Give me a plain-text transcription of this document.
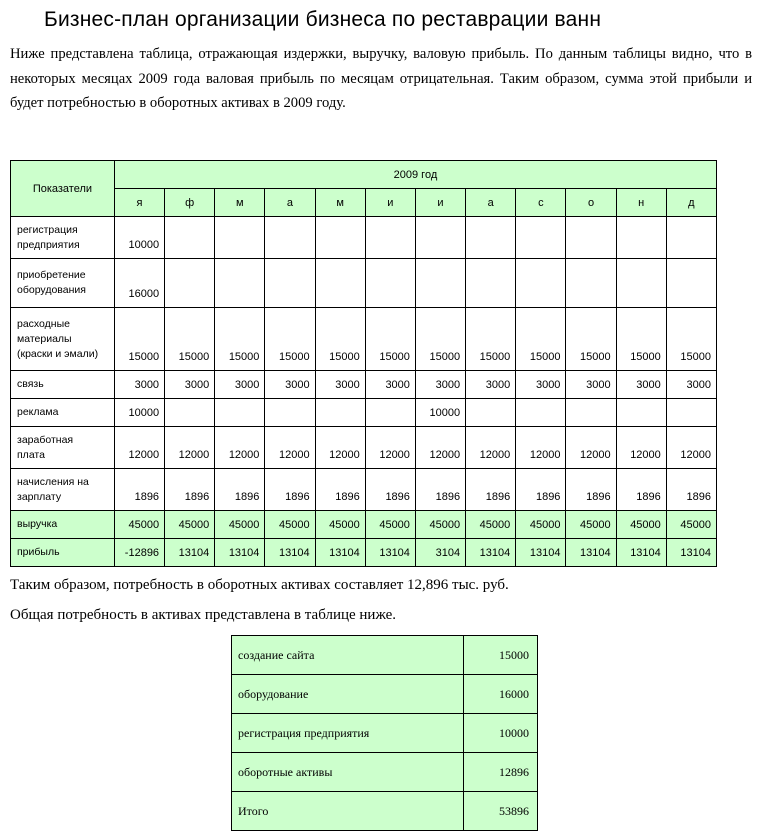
Бизнес-план организации бизнеса по реставрации ванн
Ниже представлена таблица, отражающая издержки, выручку, валовую прибыль. По данным таблицы видно, что в некоторых месяцах 2009 года валовая прибыль по месяцам отрицательная. Таким образом, сумма этой прибыли и будет потребностью в оборотных активах в 2009 году.
Показатели	2009 год											
	я	ф	м	а	м	и	и	а	с	о	н	д

регистрация
предприятия	10000											

приобретение
оборудования	16000											

расходные
материалы
(краски и эмали)	15000	15000	15000	15000	15000	15000	15000	15000	15000	15000	15000	15000

связь	3000	3000	3000	3000	3000	3000	3000	3000	3000	3000	3000	3000

реклама	10000						10000					

заработная
плата	12000	12000	12000	12000	12000	12000	12000	12000	12000	12000	12000	12000

начисления на
зарплату	1896	1896	1896	1896	1896	1896	1896	1896	1896	1896	1896	1896

выручка	45000	45000	45000	45000	45000	45000	45000	45000	45000	45000	45000	45000

прибыль	-12896	13104	13104	13104	13104	13104	3104	13104	13104	13104	13104	13104
Таким образом, потребность в оборотных активах составляет 12,896 тыс. руб.
Общая потребность в активах представлена в таблице ниже.
создание сайта	15000
оборудование	16000
регистрация предприятия	10000
оборотные активы	12896
Итого	53896
